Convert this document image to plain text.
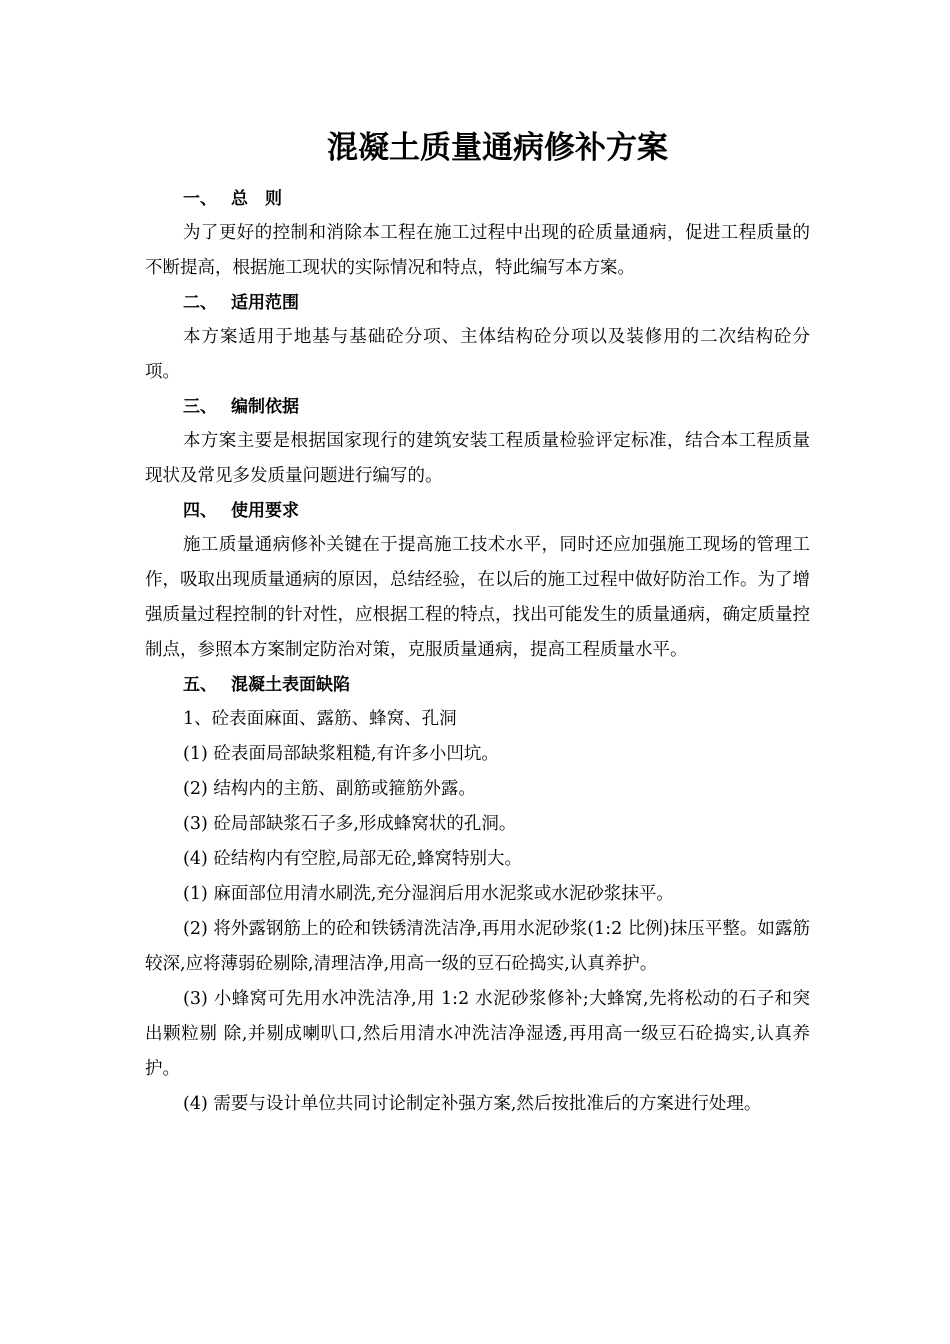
混凝土质量通病修补方案
一、 总　则

为了更好的控制和消除本工程在施工过程中出现的砼质量通病，促进工程质量的不断提高，根据施工现状的实际情况和特点，特此编写本方案。

二、 适用范围

本方案适用于地基与基础砼分项、主体结构砼分项以及装修用的二次结构砼分项。

三、 编制依据

本方案主要是根据国家现行的建筑安装工程质量检验评定标准，结合本工程质量现状及常见多发质量问题进行编写的。

四、 使用要求

施工质量通病修补关键在于提高施工技术水平，同时还应加强施工现场的管理工作，吸取出现质量通病的原因，总结经验，在以后的施工过程中做好防治工作。为了增强质量过程控制的针对性，应根据工程的特点，找出可能发生的质量通病，确定质量控制点，参照本方案制定防治对策，克服质量通病，提高工程质量水平。

五、 混凝土表面缺陷

1、砼表面麻面、露筋、蜂窝、孔洞

(1) 砼表面局部缺浆粗糙,有许多小凹坑。

(2) 结构内的主筋、副筋或箍筋外露。

(3) 砼局部缺浆石子多,形成蜂窝状的孔洞。

(4) 砼结构内有空腔,局部无砼,蜂窝特别大。

(1) 麻面部位用清水刷洗,充分湿润后用水泥浆或水泥砂浆抹平。

(2) 将外露钢筋上的砼和铁锈清洗洁净,再用水泥砂浆(1:2 比例)抹压平整。如露筋较深,应将薄弱砼剔除,清理洁净,用高一级的豆石砼捣实,认真养护。

(3) 小蜂窝可先用水冲洗洁净,用 1:2 水泥砂浆修补;大蜂窝,先将松动的石子和突出颗粒剔 除,并剔成喇叭口,然后用清水冲洗洁净湿透,再用高一级豆石砼捣实,认真养护。

(4) 需要与设计单位共同讨论制定补强方案,然后按批准后的方案进行处理。
